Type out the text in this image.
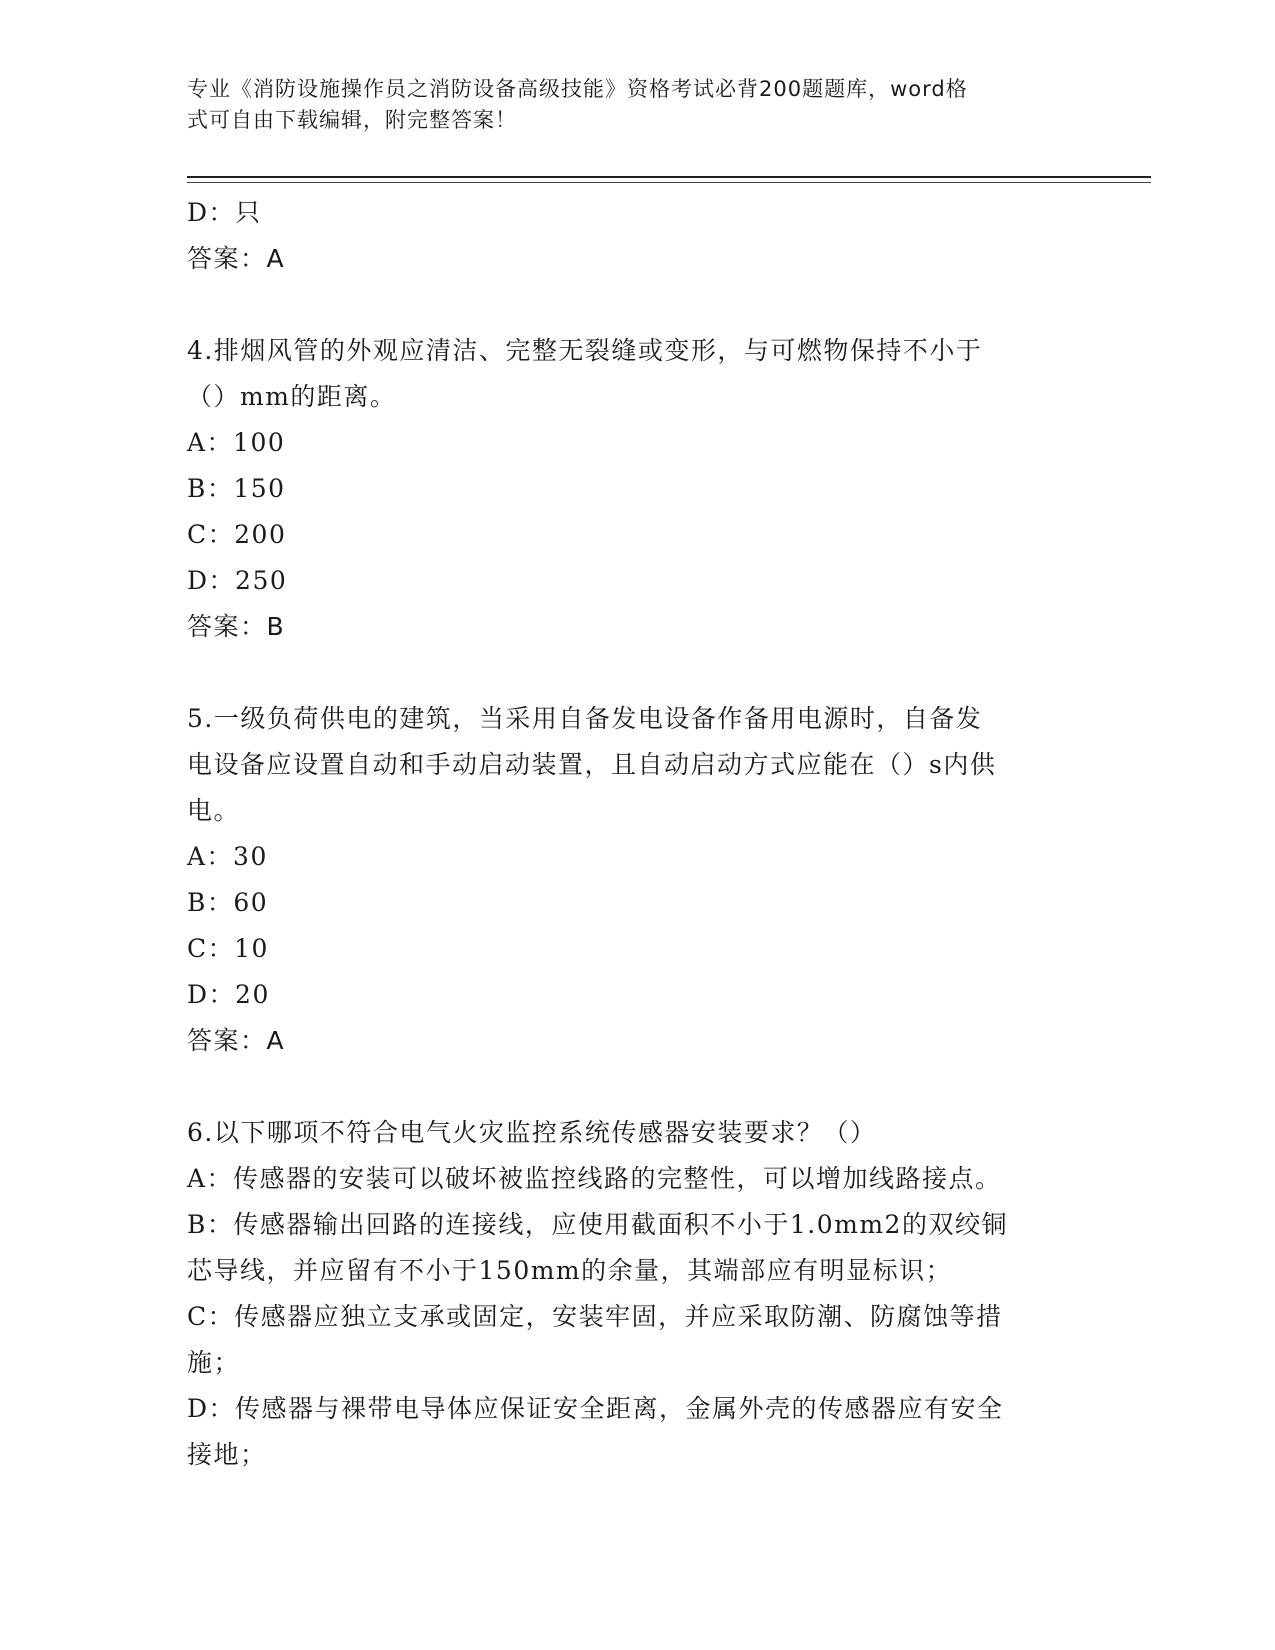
专业《消防设施操作员之消防设备高级技能》资格考试必背200题题库，word格
式可自由下载编辑，附完整答案！
D：只
答案：A
4.排烟风管的外观应清洁、完整无裂缝或变形，与可燃物保持不小于
（）mm的距离。
A：100
B：150
C：200
D：250
答案：B
5.一级负荷供电的建筑，当采用自备发电设备作备用电源时，自备发
电设备应设置自动和手动启动装置，且自动启动方式应能在（）s内供
电。
A：30
B：60
C：10
D：20
答案：A
6.以下哪项不符合电气火灾监控系统传感器安装要求？（）
A：传感器的安装可以破坏被监控线路的完整性，可以增加线路接点。
B：传感器输出回路的连接线，应使用截面积不小于1.0mm2的双绞铜
芯导线，并应留有不小于150mm的余量，其端部应有明显标识；
C：传感器应独立支承或固定，安装牢固，并应采取防潮、防腐蚀等措
施；
D：传感器与裸带电导体应保证安全距离，金属外壳的传感器应有安全
接地；
